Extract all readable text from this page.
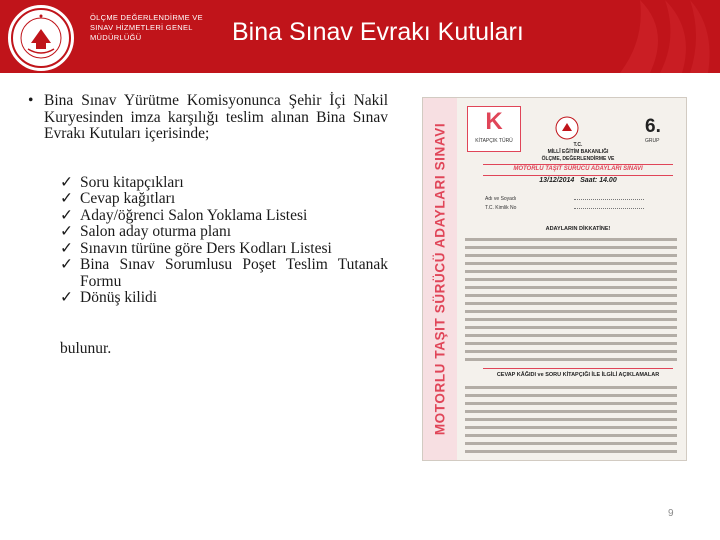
ÖLÇME DEĞERLENDİRME VE
SINAV HİZMETLERİ GENEL
MÜDÜRLÜĞÜ	Bina Sınav Evrakı Kutuları
• Bina Sınav Yürütme Komisyonunca Şehir İçi Nakil Kuryesinden imza karşılığı teslim alınan Bina Sınav Evrakı Kutuları içerisinde;
✓ Soru kitapçıkları
✓ Cevap kağıtları
✓ Aday/öğrenci Salon Yoklama Listesi
✓ Salon aday oturma planı
✓ Sınavın türüne göre Ders Kodları Listesi
✓ Bina Sınav Sorumlusu Poşet Teslim Tutanak Formu
✓ Dönüş kilidi
bulunur.	MOTORLU TAŞIT SÜRÜCÜ ADAYLARI SINAVI
K
KİTAPÇIK TÜRÜ
6.
GRUP
T.C.
MİLLÎ EĞİTİM BAKANLIĞI
ÖLÇME, DEĞERLENDİRME VE
MOTORLU TAŞIT SÜRÜCÜ ADAYLARI SINAVI
13/12/2014 Saat: 14.00
Adı ve Soyadı
T.C. Kimlik No
ADAYLARIN DİKKATİNE!
CEVAP KÂĞIDI ve SORU KİTAPÇIĞI İLE İLGİLİ AÇIKLAMALAR
9
